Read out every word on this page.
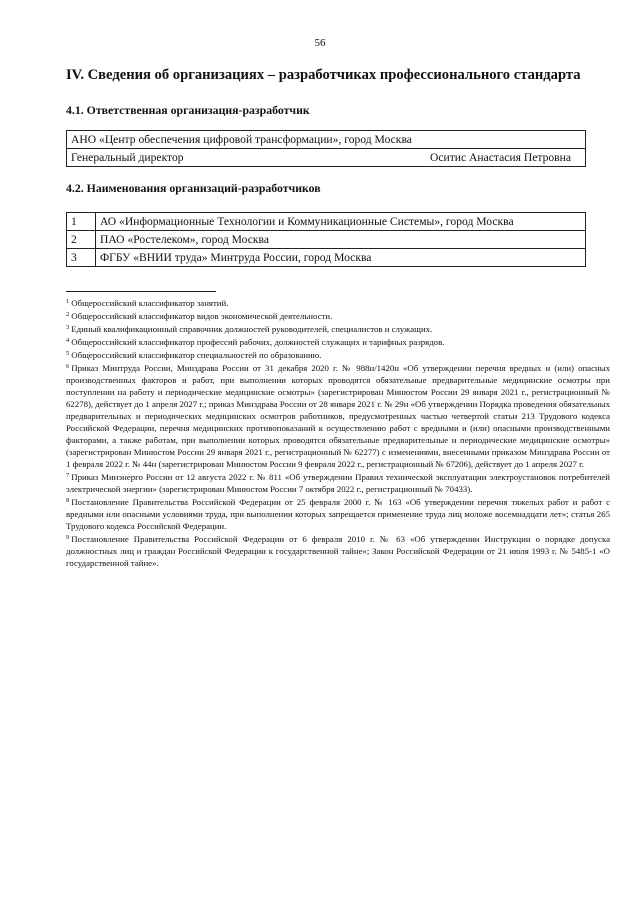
56
IV. Сведения об организациях – разработчиках профессионального стандарта
4.1. Ответственная организация-разработчик
АНО «Центр обеспечения цифровой трансформации», город Москва
Генеральный директор	Оситис Анастасия Петровна
4.2. Наименования организаций-разработчиков
1	АО «Информационные Технологии и Коммуникационные Системы», город Москва
2	ПАО «Ростелеком», город Москва
3	ФГБУ «ВНИИ труда» Минтруда России, город Москва

$^1$ Общероссийский классификатор занятий.

$^2$ Общероссийский классификатор видов экономической деятельности.

$^3$ Единый квалификационный справочник должностей руководителей, специалистов и служащих.

$^4$ Общероссийский классификатор профессий рабочих, должностей служащих и тарифных разрядов.

$^5$ Общероссийский классификатор специальностей по образованию.

$^6$ Приказ Минтруда России, Минздрава России от 31 декабря 2020 г. № 988н/1420н «Об утверждении перечня вредных и (или) опасных производственных факторов и работ, при выполнении которых проводятся обязательные предварительные медицинские осмотры при поступлении на работу и периодические медицинские осмотры» (зарегистрирован Минюстом России 29 января 2021 г., регистрационный № 62278), действует до 1 апреля 2027 г.; приказ Минздрава России от 28 января 2021 г. № 29н «Об утверждении Порядка проведения обязательных предварительных и периодических медицинских осмотров работников, предусмотренных частью четвертой статьи 213 Трудового кодекса Российской Федерации, перечня медицинских противопоказаний к осуществлению работ с вредными и (или) опасными производственными факторами, а также работам, при выполнении которых проводятся обязательные предварительные и периодические медицинские осмотры» (зарегистрирован Минюстом России 29 января 2021 г., регистрационный № 62277) с изменениями, внесенными приказом Минздрава России от 1 февраля 2022 г. № 44н (зарегистрирован Минюстом России 9 февраля 2022 г., регистрационный № 67206), действует до 1 апреля 2027 г.

$^7$ Приказ Минэнерго России от 12 августа 2022 г. № 811 «Об утверждении Правил технической эксплуатации электроустановок потребителей электрической энергии» (зарегистрирован Минюстом России 7 октября 2022 г., регистрационный № 70433).

$^8$ Постановление Правительства Российской Федерации от 25 февраля 2000 г. № 163 «Об утверждении перечня тяжелых работ и работ с вредными или опасными условиями труда, при выполнении которых запрещается применение труда лиц моложе восемнадцати лет»; статья 265 Трудового кодекса Российской Федерации.

$^9$ Постановление Правительства Российской Федерации от 6 февраля 2010 г. № 63 «Об утверждении Инструкции о порядке допуска должностных лиц и граждан Российской Федерации к государственной тайне»; Закон Российской Федерации от 21 июля 1993 г. № 5485-1 «О государственной тайне».
